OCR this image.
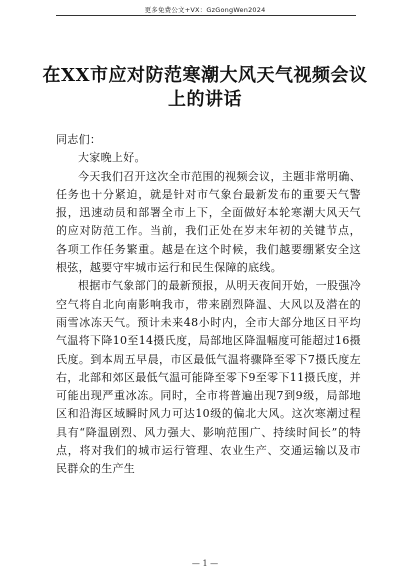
更多免费公文+VX：GzGongWen2024
在XX市应对防范寒潮大风天气视频会议
上的讲话

同志们：

大家晚上好。

今天我们召开这次全市范围的视频会议，主题非常明确、任务也十分紧迫，就是针对市气象台最新发布的重要天气警报，迅速动员和部署全市上下，全面做好本轮寒潮大风天气的应对防范工作。当前，我们正处在岁末年初的关键节点，各项工作任务繁重。越是在这个时候，我们越要绷紧安全这根弦，越要守牢城市运行和民生保障的底线。

根据市气象部门的最新预报，从明天夜间开始，一股强冷空气将自北向南影响我市，带来剧烈降温、大风以及潜在的雨雪冰冻天气。预计未来48小时内，全市大部分地区日平均气温将下降10至14摄氏度，局部地区降温幅度可能超过16摄氏度。到本周五早晨，市区最低气温将骤降至零下7摄氏度左右，北部和郊区最低气温可能降至零下9至零下11摄氏度，并可能出现严重冰冻。同时，全市将普遍出现7到9级，局部地区和沿海区域瞬时风力可达10级的偏北大风。这次寒潮过程具有“降温剧烈、风力强大、影响范围广、持续时间长”的特点，将对我们的城市运行管理、农业生产、交通运输以及市民群众的生产生

— 1 —
